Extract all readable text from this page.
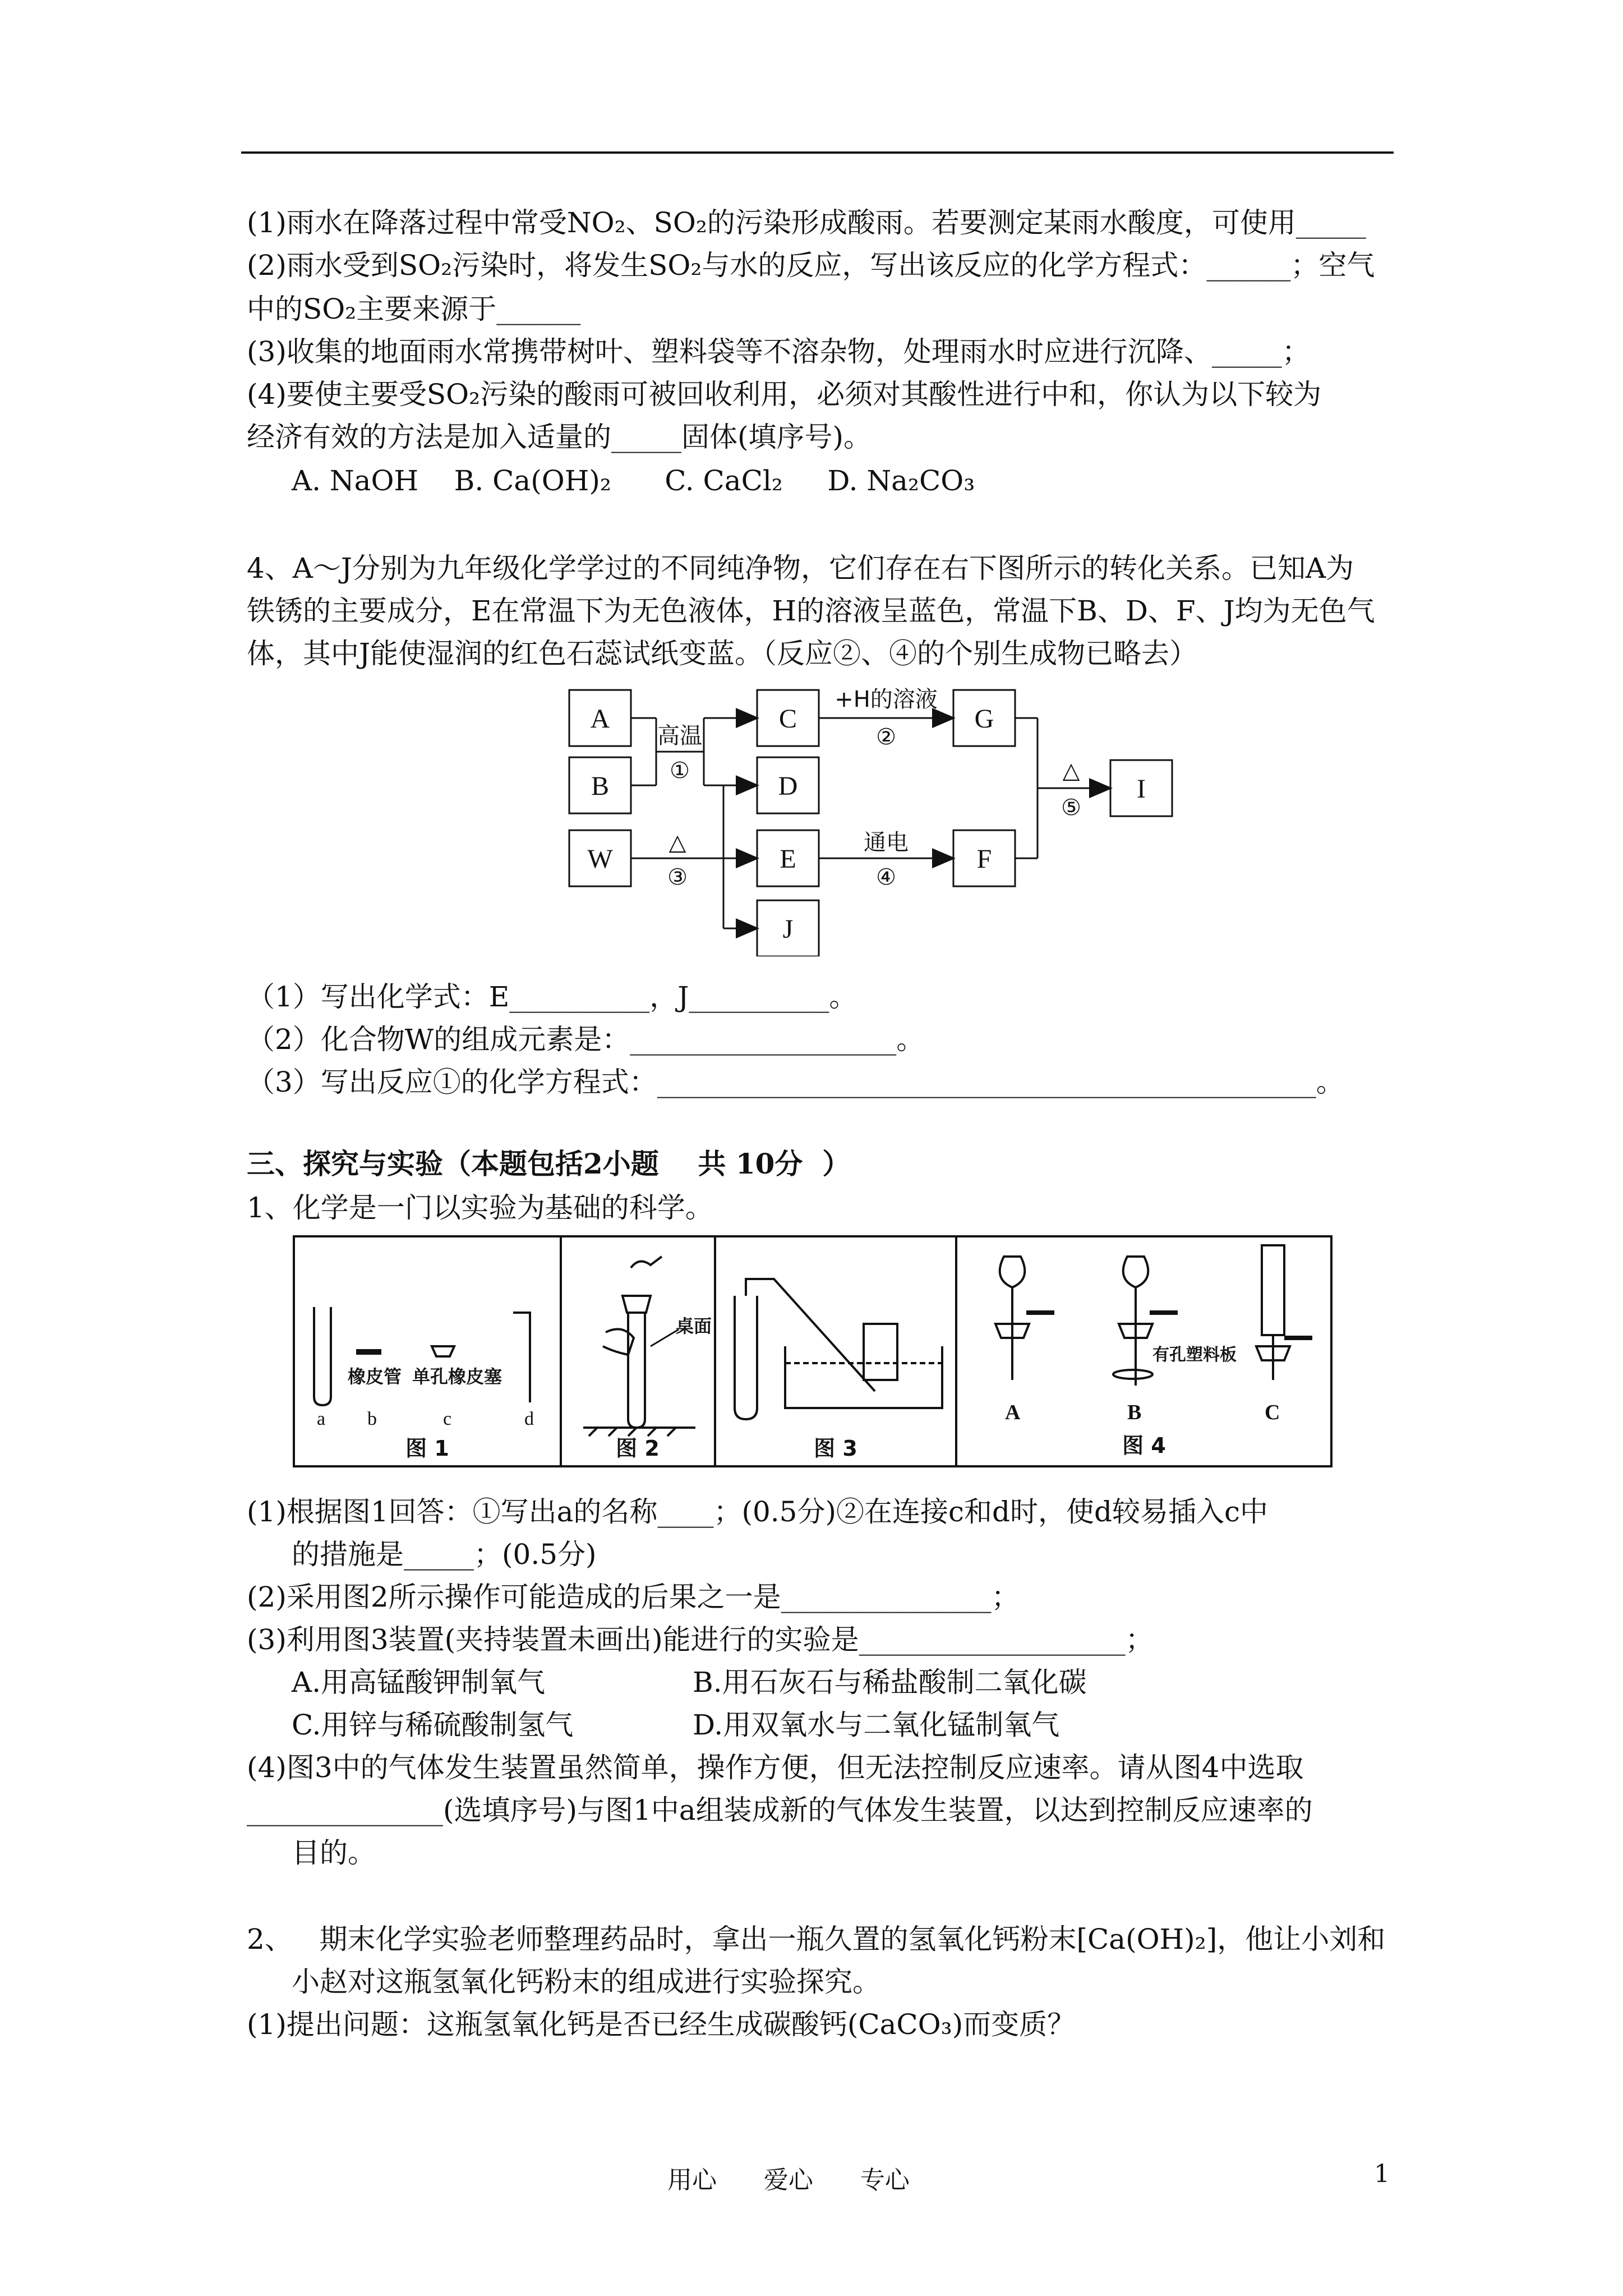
(1)雨水在降落过程中常受NO₂、SO₂的污染形成酸雨。若要测定某雨水酸度，可使用_____
(2)雨水受到SO₂污染时，将发生SO₂与水的反应，写出该反应的化学方程式：______；空气
中的SO₂主要来源于______
(3)收集的地面雨水常携带树叶、塑料袋等不溶杂物，处理雨水时应进行沉降、_____；
(4)要使主要受SO₂污染的酸雨可被回收利用，必须对其酸性进行中和，你认为以下较为
经济有效的方法是加入适量的_____固体(填序号)。
A. NaOH    B. Ca(OH)₂      C. CaCl₂     D. Na₂CO₃
4、A～J分别为九年级化学学过的不同纯净物，它们存在右下图所示的转化关系。已知A为
铁锈的主要成分，E在常温下为无色液体，H的溶液呈蓝色，常温下B、D、F、J均为无色气
体，其中J能使湿润的红色石蕊试纸变蓝。（反应②、④的个别生成物已略去）
A
B
W
C
D
E
J
G
F
I
高温
①
+H的溶液
②
△
③
通电
④
△
⑤
（1）写出化学式：E__________，J__________。
（2）化合物W的组成元素是：___________________。
（3）写出反应①的化学方程式：_______________________________________________。
三、探究与实验（本题包括2小题    共 10分  ）
1、化学是一门以实验为基础的科学。
橡皮管 单孔橡皮塞
a b	c	d
桌面
有孔塑料板
A	B	C
图 1	图 2	图 3	图 4
(1)根据图1回答：①写出a的名称____；(0.5分)②在连接c和d时，使d较易插入c中
的措施是_____；(0.5分)
(2)采用图2所示操作可能造成的后果之一是_______________；
(3)利用图3装置(夹持装置未画出)能进行的实验是___________________；
A.用高锰酸钾制氧气	B.用石灰石与稀盐酸制二氧化碳
C.用锌与稀硫酸制氢气	D.用双氧水与二氧化锰制氧气
(4)图3中的气体发生装置虽然简单，操作方便，但无法控制反应速率。请从图4中选取
______________(选填序号)与图1中a组装成新的气体发生装置，以达到控制反应速率的
目的。
2、   期末化学实验老师整理药品时，拿出一瓶久置的氢氧化钙粉末[Ca(OH)₂]，他让小刘和
小赵对这瓶氢氧化钙粉末的组成进行实验探究。
(1)提出问题：这瓶氢氧化钙是否已经生成碳酸钙(CaCO₃)而变质？
用心      爱心      专心	1
